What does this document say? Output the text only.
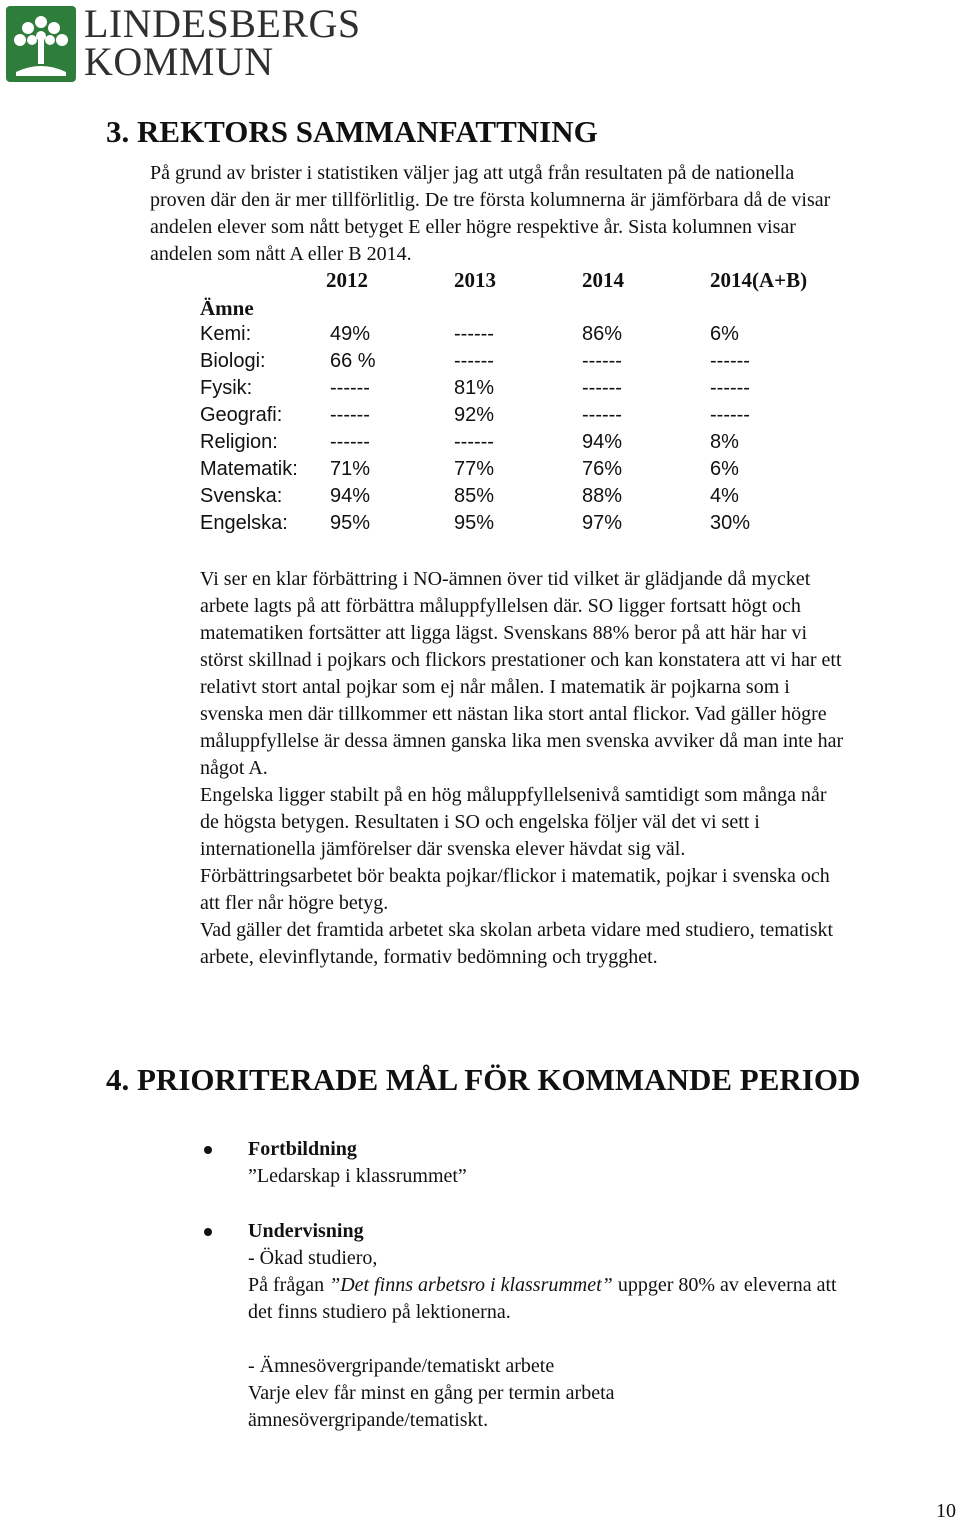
LINDESBERGS
KOMMUN
3. REKTORS SAMMANFATTNING

På grund av brister i statistiken väljer jag att utgå från resultaten på de nationella

proven där den är mer tillförlitlig. De tre första kolumnerna är jämförbara då de visar

andelen elever som nått betyget E eller högre respektive år. Sista kolumnen visar

andelen som nått A eller B 2014.

2012	2013	2014	2014(A+B)
Ämne
Kemi:	49%	------	86%	6%
Biologi:	66 %	------	------	------
Fysik:	------	81%	------	------
Geografi: ------	92%	------	------
Religion:	------	------	94%	8%
Matematik: 71%	77%	76%	6%
Svenska: 94%	85%	88%	4%
Engelska: 95%	95%	97%	30%

Vi ser en klar förbättring i NO-ämnen över tid vilket är glädjande då mycket

arbete lagts på att förbättra måluppfyllelsen där. SO ligger fortsatt högt och

matematiken fortsätter att ligga lägst. Svenskans 88% beror på att här har vi

störst skillnad i pojkars och flickors prestationer och kan konstatera att vi har ett

relativt stort antal pojkar som ej når målen. I matematik är pojkarna som i

svenska men där tillkommer ett nästan lika stort antal flickor. Vad gäller högre

måluppfyllelse är dessa ämnen ganska lika men svenska avviker då man inte har

något A.

Engelska ligger stabilt på en hög måluppfyllelsenivå samtidigt som många når

de högsta betygen. Resultaten i SO och engelska följer väl det vi sett i

internationella jämförelser där svenska elever hävdat sig väl.

Förbättringsarbetet bör beakta pojkar/flickor i matematik, pojkar i svenska och

att fler når högre betyg.

Vad gäller det framtida arbetet ska skolan arbeta vidare med studiero, tematiskt

arbete, elevinflytande, formativ bedömning och trygghet.

4. PRIORITERADE MÅL FÖR KOMMANDE PERIOD
Fortbildning
”Ledarskap i klassrummet”
Undervisning
- Ökad studiero,
På frågan ”Det finns arbetsro i klassrummet” uppger 80% av eleverna att
det finns studiero på lektionerna.
- Ämnesövergripande/tematiskt arbete
Varje elev får minst en gång per termin arbeta
ämnesövergripande/tematiskt.
10
